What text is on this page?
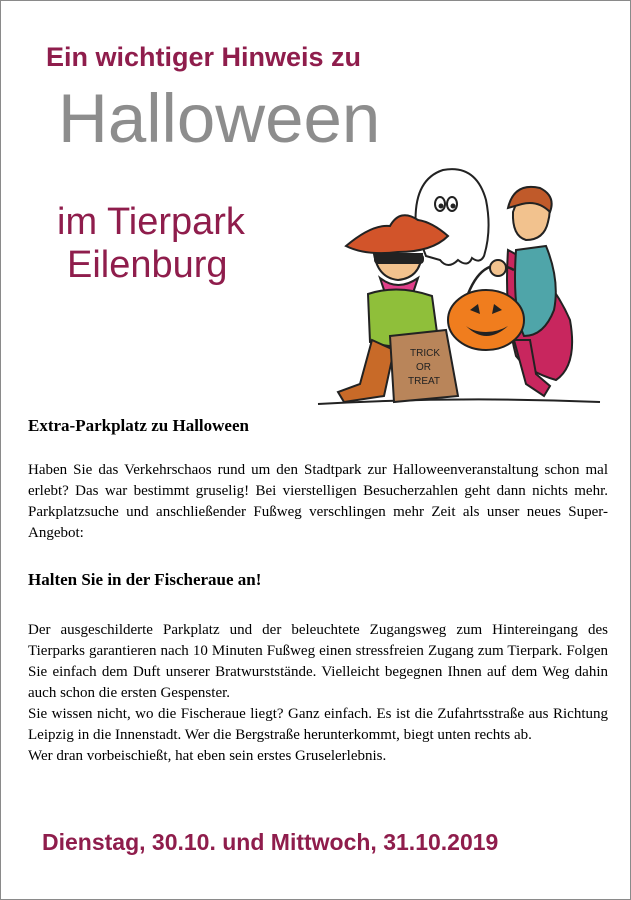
Ein wichtiger Hinweis zu
Halloween
im Tierpark
Eilenburg
TRICK
OR
TREAT
Extra-Parkplatz zu Halloween
Haben Sie das Verkehrschaos rund um den Stadtpark zur Halloweenveranstaltung schon mal erlebt? Das war bestimmt gruselig! Bei vierstelligen Besucherzahlen geht dann nichts mehr. Parkplatzsuche und anschließender Fußweg verschlingen mehr Zeit als unser neues Super-Angebot:
Halten Sie in der Fischeraue an!
Der ausgeschilderte Parkplatz und der beleuchtete Zugangsweg zum Hintereingang des Tierparks garantieren nach 10 Minuten Fußweg einen stressfreien Zugang zum Tierpark. Folgen Sie einfach dem Duft unserer Bratwurststände. Vielleicht begegnen Ihnen auf dem Weg dahin auch schon die ersten Gespenster.
Sie wissen nicht, wo die Fischeraue liegt? Ganz einfach. Es ist die Zufahrtsstraße aus Richtung Leipzig in die Innenstadt. Wer die Bergstraße herunterkommt, biegt unten rechts ab.
Wer dran vorbeischießt, hat eben sein erstes Gruselerlebnis.
Dienstag, 30.10. und Mittwoch, 31.10.2019
